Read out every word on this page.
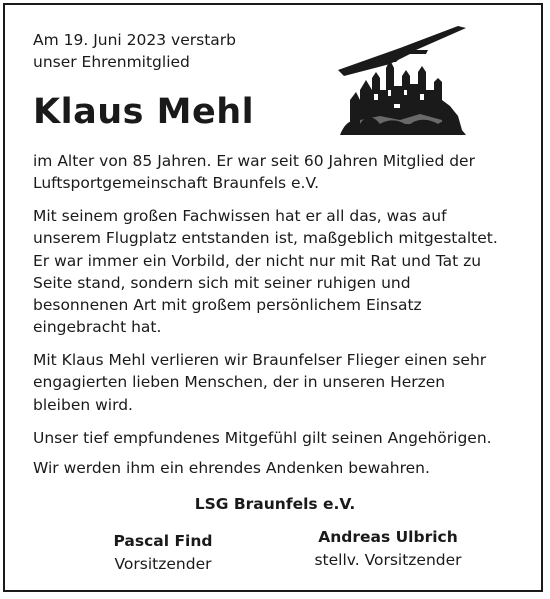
Am 19. Juni 2023 verstarb
unser Ehrenmitglied
Klaus Mehl
im Alter von 85 Jahren. Er war seit 60 Jahren Mitglied der
Luftsportgemeinschaft Braunfels e.V.
Mit seinem großen Fachwissen hat er all das, was auf
unserem Flugplatz entstanden ist, maßgeblich mitgestaltet.
Er war immer ein Vorbild, der nicht nur mit Rat und Tat zu
Seite stand, sondern sich mit seiner ruhigen und
besonnenen Art mit großem persönlichem Einsatz
eingebracht hat.
Mit Klaus Mehl verlieren wir Braunfelser Flieger einen sehr
engagierten lieben Menschen, der in unseren Herzen
bleiben wird.
Unser tief empfundenes Mitgefühl gilt seinen Angehörigen.
Wir werden ihm ein ehrendes Andenken bewahren.
LSG Braunfels e.V.
Pascal Find
Vorsitzender
Andreas Ulbrich
stellv. Vorsitzender
